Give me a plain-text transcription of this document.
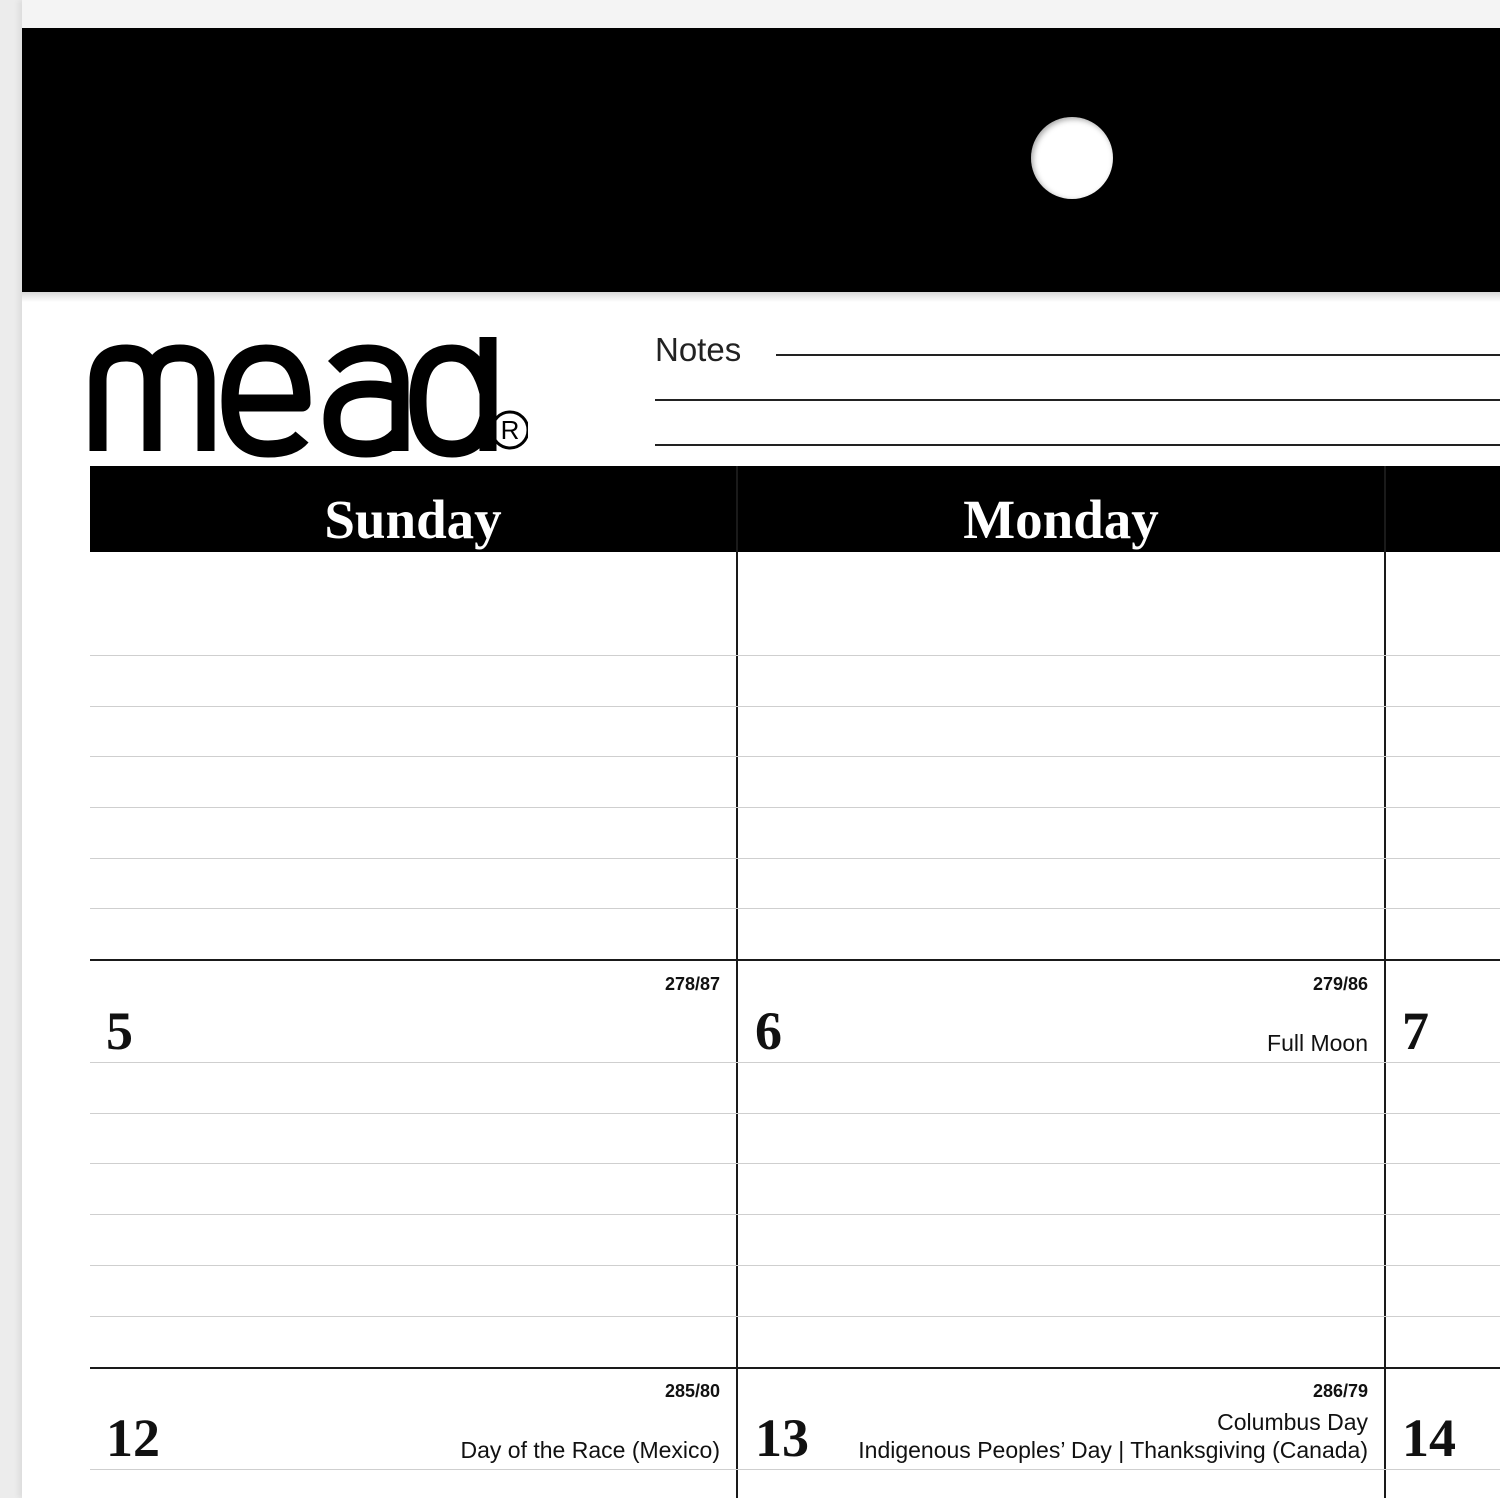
R
Notes
Sunday	Monday
5
278/87
6
279/86
Full Moon 7
12
285/80
Day of the Race (Mexico) 13
286/79
Columbus Day
Indigenous Peoples’ Day | Thanksgiving (Canada) 14
